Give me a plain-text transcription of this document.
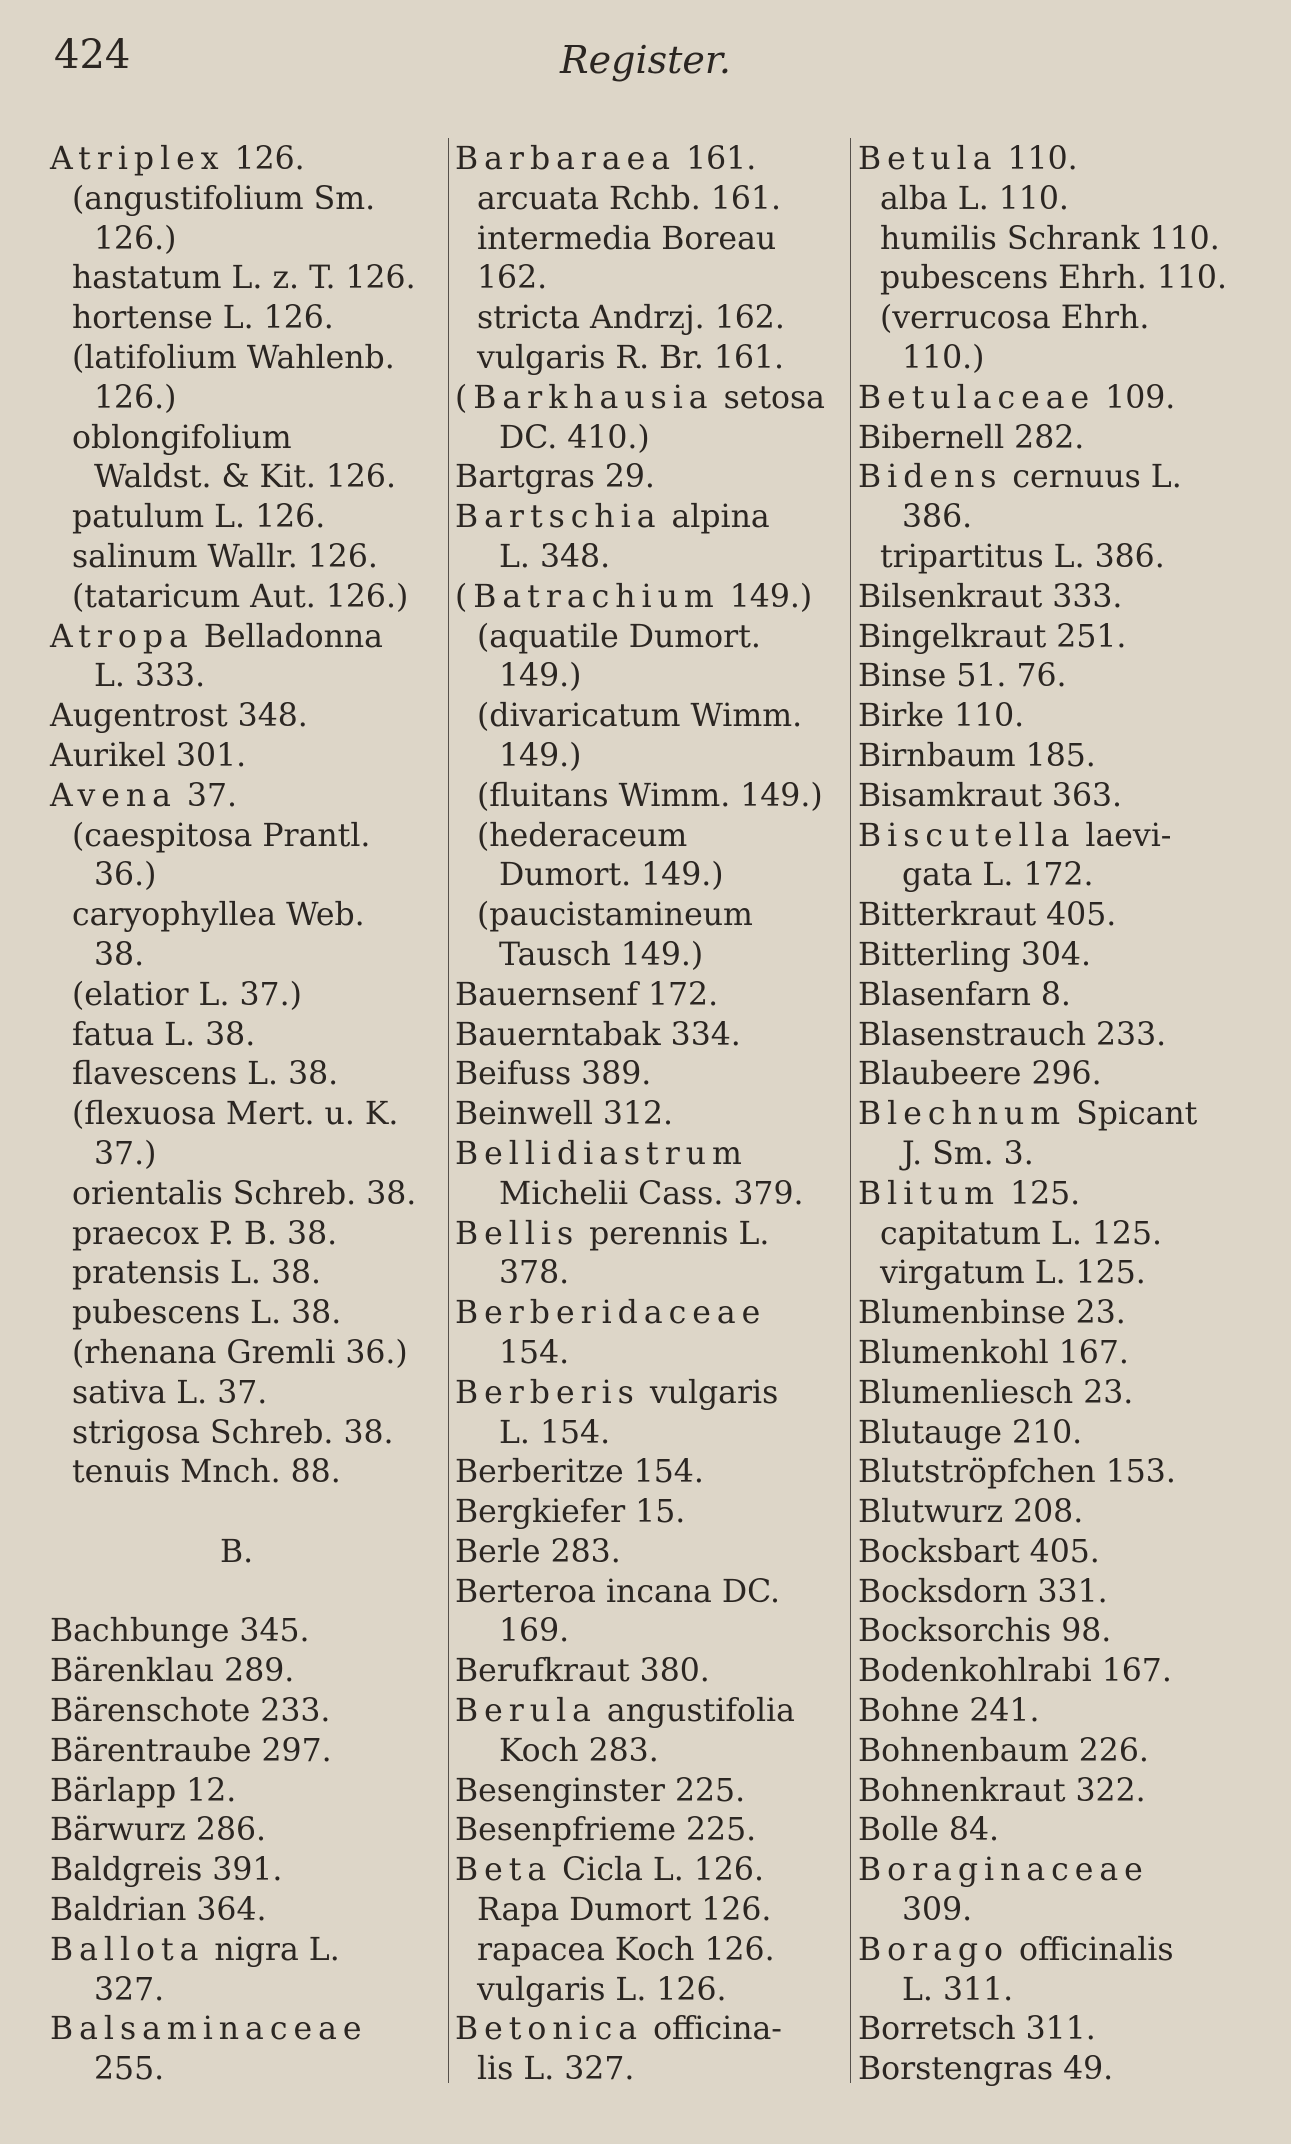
424	Register.
Atriplex 126.
(angustifolium Sm.
126.)
hastatum L. z. T. 126.
hortense L. 126.
(latifolium Wahlenb.
126.)
oblongifolium
Waldst. & Kit. 126.
patulum L. 126.
salinum Wallr. 126.
(tataricum Aut. 126.)
Atropa Belladonna
L. 333.
Augentrost 348.
Aurikel 301.
Avena 37.
(caespitosa Prantl.
36.)
caryophyllea Web.
38.
(elatior L. 37.)
fatua L. 38.
flavescens L. 38.
(flexuosa Mert. u. K.
37.)
orientalis Schreb. 38.
praecox P. B. 38.
pratensis L. 38.
pubescens L. 38.
(rhenana Gremli 36.)
sativa L. 37.
strigosa Schreb. 38.
tenuis Mnch. 88.

B.

Bachbunge 345.
Bärenklau 289.
Bärenschote 233.
Bärentraube 297.
Bärlapp 12.
Bärwurz 286.
Baldgreis 391.
Baldrian 364.
Ballota nigra L.
327.
Balsaminaceae
255.
Barbaraea 161.
arcuata Rchb. 161.
intermedia Boreau
162.
stricta Andrzj. 162.
vulgaris R. Br. 161.
(Barkhausia setosa
DC. 410.)
Bartgras 29.
Bartschia alpina
L. 348.
(Batrachium 149.)
(aquatile Dumort.
149.)
(divaricatum Wimm.
149.)
(fluitans Wimm. 149.)
(hederaceum
Dumort. 149.)
(paucistamineum
Tausch 149.)
Bauernsenf 172.
Bauerntabak 334.
Beifuss 389.
Beinwell 312.
Bellidiastrum
Michelii Cass. 379.
Bellis perennis L.
378.
Berberidaceae
154.
Berberis vulgaris
L. 154.
Berberitze 154.
Bergkiefer 15.
Berle 283.
Berteroa incana DC.
169.
Berufkraut 380.
Berula angustifolia
Koch 283.
Besenginster 225.
Besenpfrieme 225.
Beta Cicla L. 126.
Rapa Dumort 126.
rapacea Koch 126.
vulgaris L. 126.
Betonica officina-
lis L. 327.
Betula 110.
alba L. 110.
humilis Schrank 110.
pubescens Ehrh. 110.
(verrucosa Ehrh.
110.)
Betulaceae 109.
Bibernell 282.
Bidens cernuus L.
386.
tripartitus L. 386.
Bilsenkraut 333.
Bingelkraut 251.
Binse 51. 76.
Birke 110.
Birnbaum 185.
Bisamkraut 363.
Biscutella laevi-
gata L. 172.
Bitterkraut 405.
Bitterling 304.
Blasenfarn 8.
Blasenstrauch 233.
Blaubeere 296.
Blechnum Spicant
J. Sm. 3.
Blitum 125.
capitatum L. 125.
virgatum L. 125.
Blumenbinse 23.
Blumenkohl 167.
Blumenliesch 23.
Blutauge 210.
Blutströpfchen 153.
Blutwurz 208.
Bocksbart 405.
Bocksdorn 331.
Bocksorchis 98.
Bodenkohlrabi 167.
Bohne 241.
Bohnenbaum 226.
Bohnenkraut 322.
Bolle 84.
Boraginaceae
309.
Borago officinalis
L. 311.
Borretsch 311.
Borstengras 49.
